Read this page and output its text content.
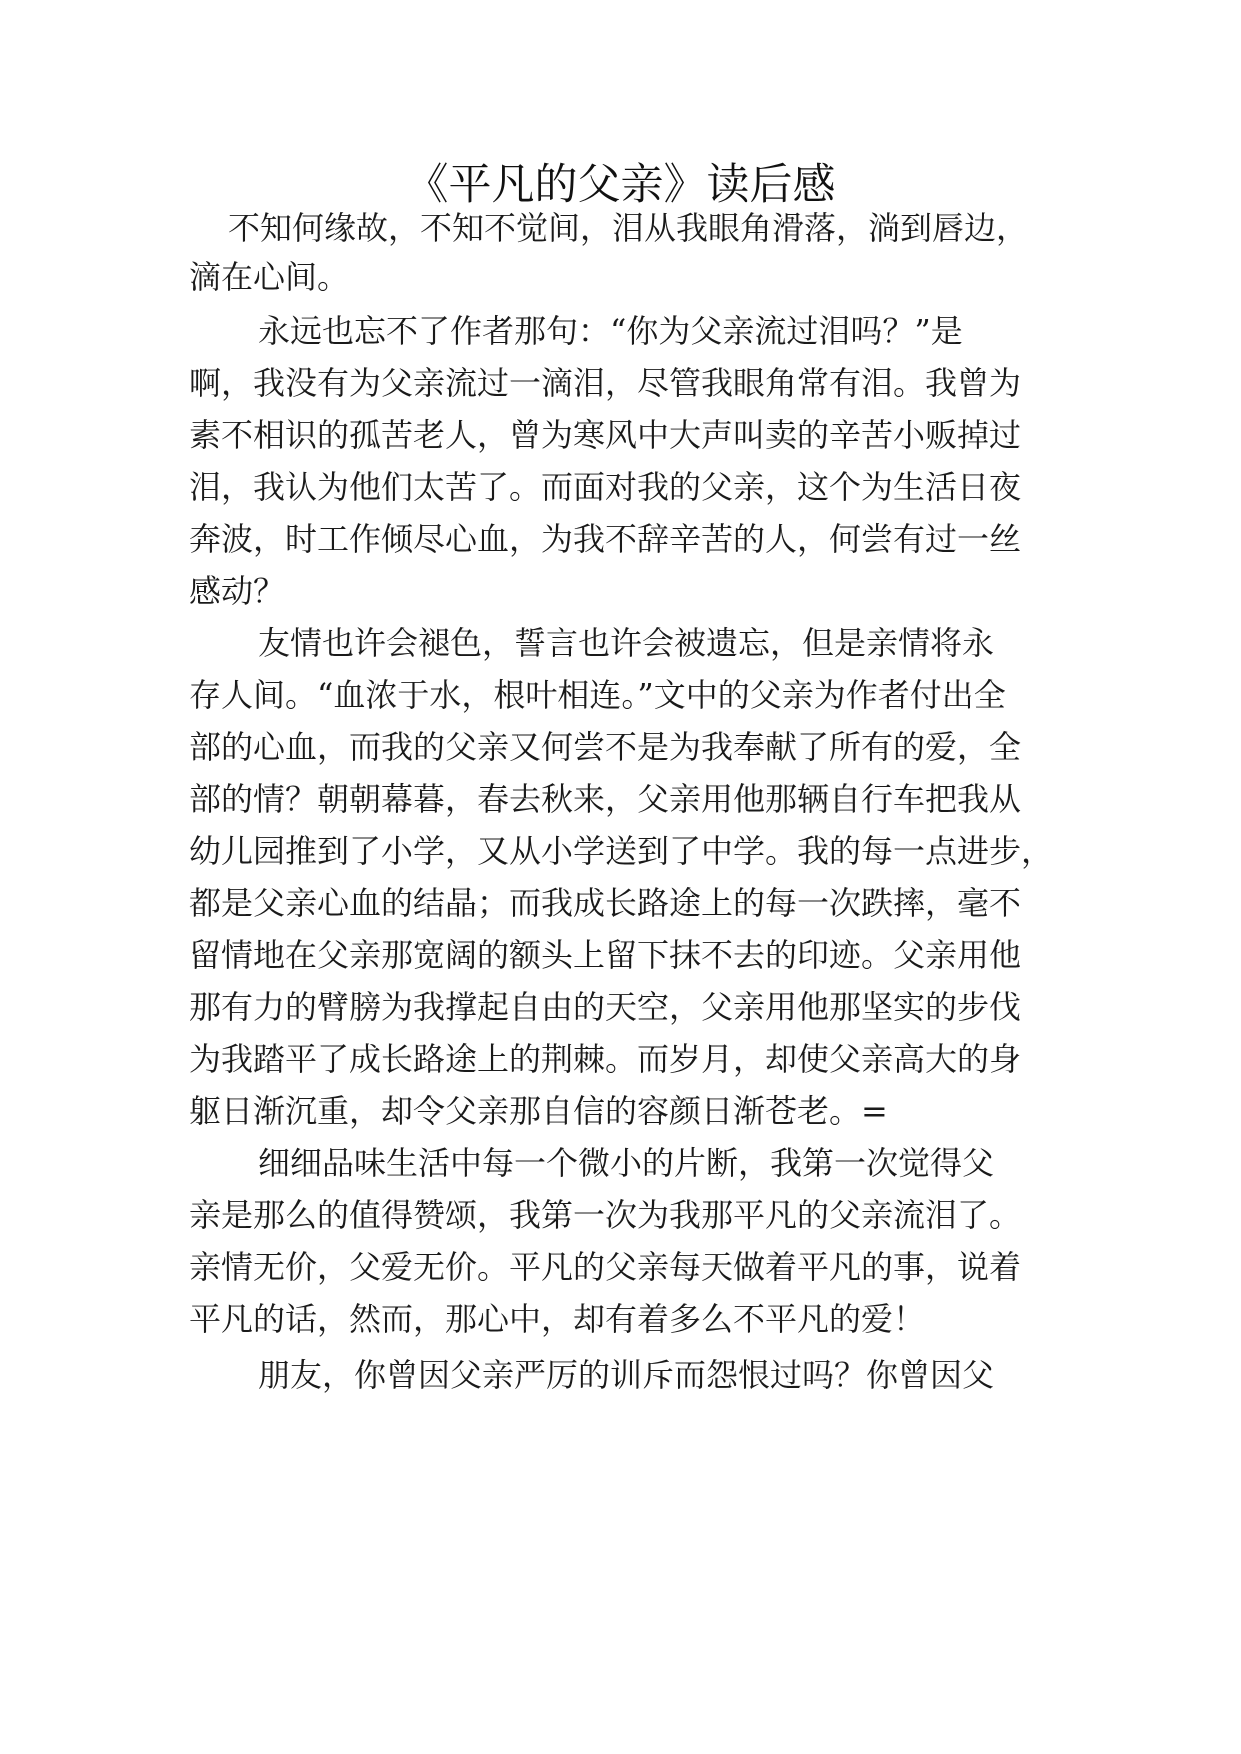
《平凡的父亲》读后感

不知何缘故，不知不觉间，泪从我眼角滑落，淌到唇边，

滴在心间。

永远也忘不了作者那句：“你为父亲流过泪吗？”是

啊，我没有为父亲流过一滴泪，尽管我眼角常有泪。我曾为

素不相识的孤苦老人，曾为寒风中大声叫卖的辛苦小贩掉过

泪，我认为他们太苦了。而面对我的父亲，这个为生活日夜

奔波，时工作倾尽心血，为我不辞辛苦的人，何尝有过一丝

感动？

友情也许会褪色，誓言也许会被遗忘，但是亲情将永

存人间。“血浓于水，根叶相连。”文中的父亲为作者付出全

部的心血，而我的父亲又何尝不是为我奉献了所有的爱，全

部的情？朝朝幕暮，春去秋来，父亲用他那辆自行车把我从

幼儿园推到了小学，又从小学送到了中学。我的每一点进步，

都是父亲心血的结晶；而我成长路途上的每一次跌摔，毫不

留情地在父亲那宽阔的额头上留下抹不去的印迹。父亲用他

那有力的臂膀为我撑起自由的天空，父亲用他那坚实的步伐

为我踏平了成长路途上的荆棘。而岁月，却使父亲高大的身

躯日渐沉重，却令父亲那自信的容颜日渐苍老。=

细细品味生活中每一个微小的片断，我第一次觉得父

亲是那么的值得赞颂，我第一次为我那平凡的父亲流泪了。

亲情无价，父爱无价。平凡的父亲每天做着平凡的事，说着

平凡的话，然而，那心中，却有着多么不平凡的爱！

朋友，你曾因父亲严厉的训斥而怨恨过吗？你曾因父
